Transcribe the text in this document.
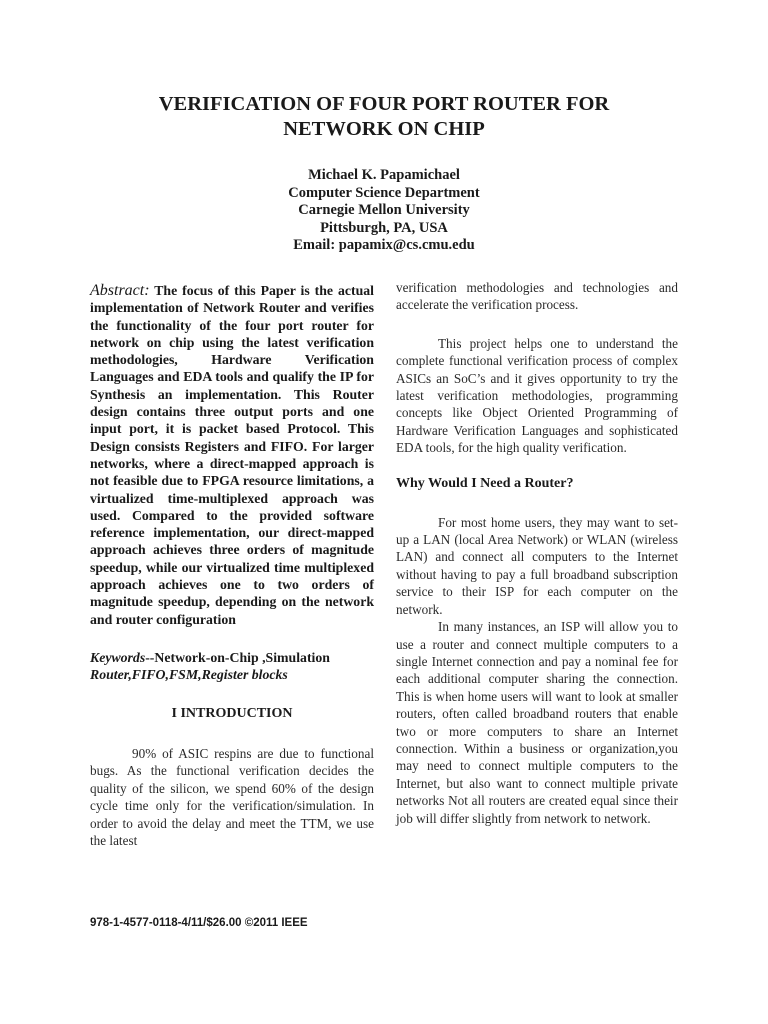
VERIFICATION OF FOUR PORT ROUTER FOR
NETWORK ON CHIP
Michael K. Papamichael
Computer Science Department
Carnegie Mellon University
Pittsburgh, PA, USA
Email: papamix@cs.cmu.edu

Abstract: The focus of this Paper is the actual implementation of Network Router and verifies the functionality of the four port router for network on chip using the latest verification methodologies, Hardware Verification Languages and EDA tools and qualify the IP for Synthesis an implementation. This Router design contains three output ports and one input port, it is packet based Protocol. This Design consists Registers and FIFO. For larger networks, where a direct-mapped approach is not feasible due to FPGA resource limitations, a virtualized time-multiplexed approach was used. Compared to the provided software reference implementation, our direct-mapped approach achieves three orders of magnitude speedup, while our virtualized time multiplexed approach achieves one to two orders of magnitude speedup, depending on the network and router configuration

Keywords--Network-on-Chip ,Simulation
Router,FIFO,FSM,Register blocks

I INTRODUCTION

90% of ASIC respins are due to functional bugs. As the functional verification decides the quality of the silicon, we spend 60% of the design cycle time only for the verification/simulation. In order to avoid the delay and meet the TTM, we use the latest

verification methodologies and technologies and accelerate the verification process.

This project helps one to understand the complete functional verification process of complex ASICs an SoC’s and it gives opportunity to try the latest verification methodologies, programming concepts like Object Oriented Programming of Hardware Verification Languages and sophisticated EDA tools, for the high quality verification.

Why Would I Need a Router?

For most home users, they may want to set-up a LAN (local Area Network) or WLAN (wireless LAN) and connect all computers to the Internet without having to pay a full broadband subscription service to their ISP for each computer on the network.

In many instances, an ISP will allow you to use a router and connect multiple computers to a single Internet connection and pay a nominal fee for each additional computer sharing the connection. This is when home users will want to look at smaller routers, often called broadband routers that enable two or more computers to share an Internet connection. Within a business or organization,you may need to connect multiple computers to the Internet, but also want to connect multiple private networks Not all routers are created equal since their job will differ slightly from network to network.

978-1-4577-0118-4/11/$26.00 ©2011 IEEE
